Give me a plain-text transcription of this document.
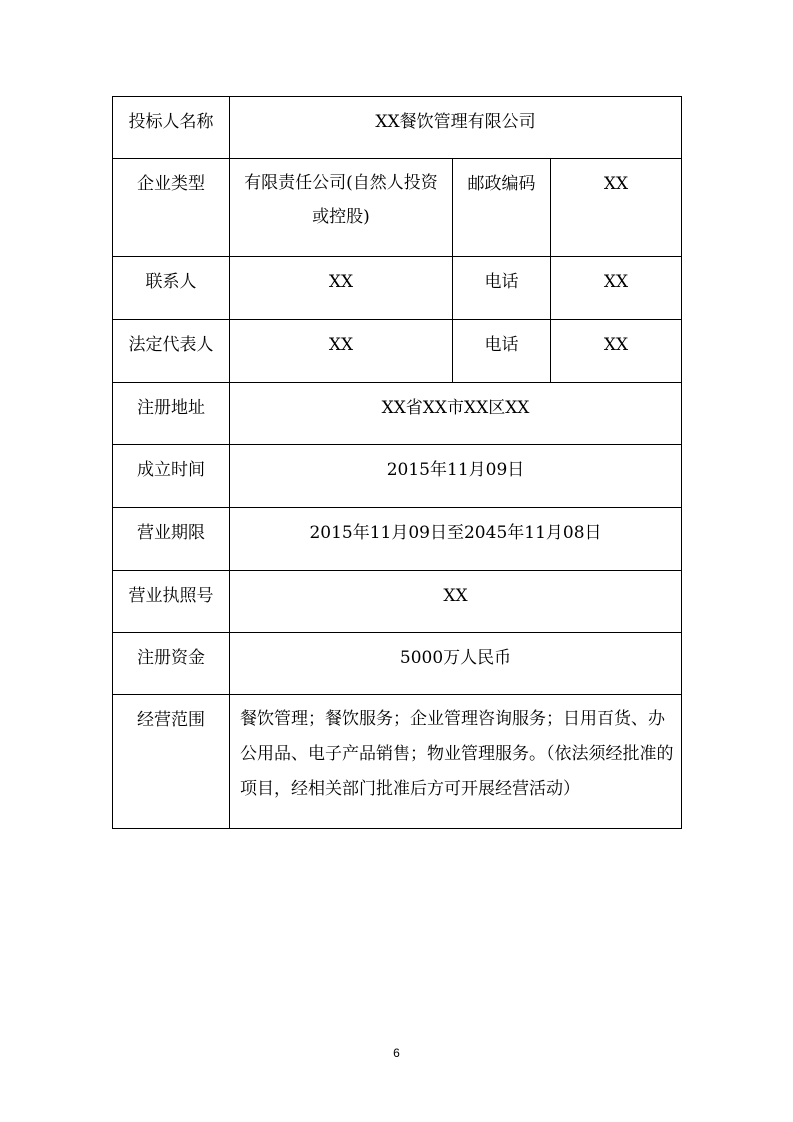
投标人名称	XX餐饮管理有限公司		
企业类型	有限责任公司(自然人投资或控股)	邮政编码	XX
联系人	XX	电话	XX
法定代表人	XX	电话	XX
注册地址	XX省XX市XX区XX		
成立时间	2015年11月09日		
营业期限	2015年11月09日至2045年11月08日		
营业执照号	XX		
注册资金	5000万人民币		
经营范围	餐饮管理；餐饮服务；企业管理咨询服务；日用百货、办公用品、电子产品销售；物业管理服务。（依法须经批准的项目，经相关部门批准后方可开展经营活动）		
6
